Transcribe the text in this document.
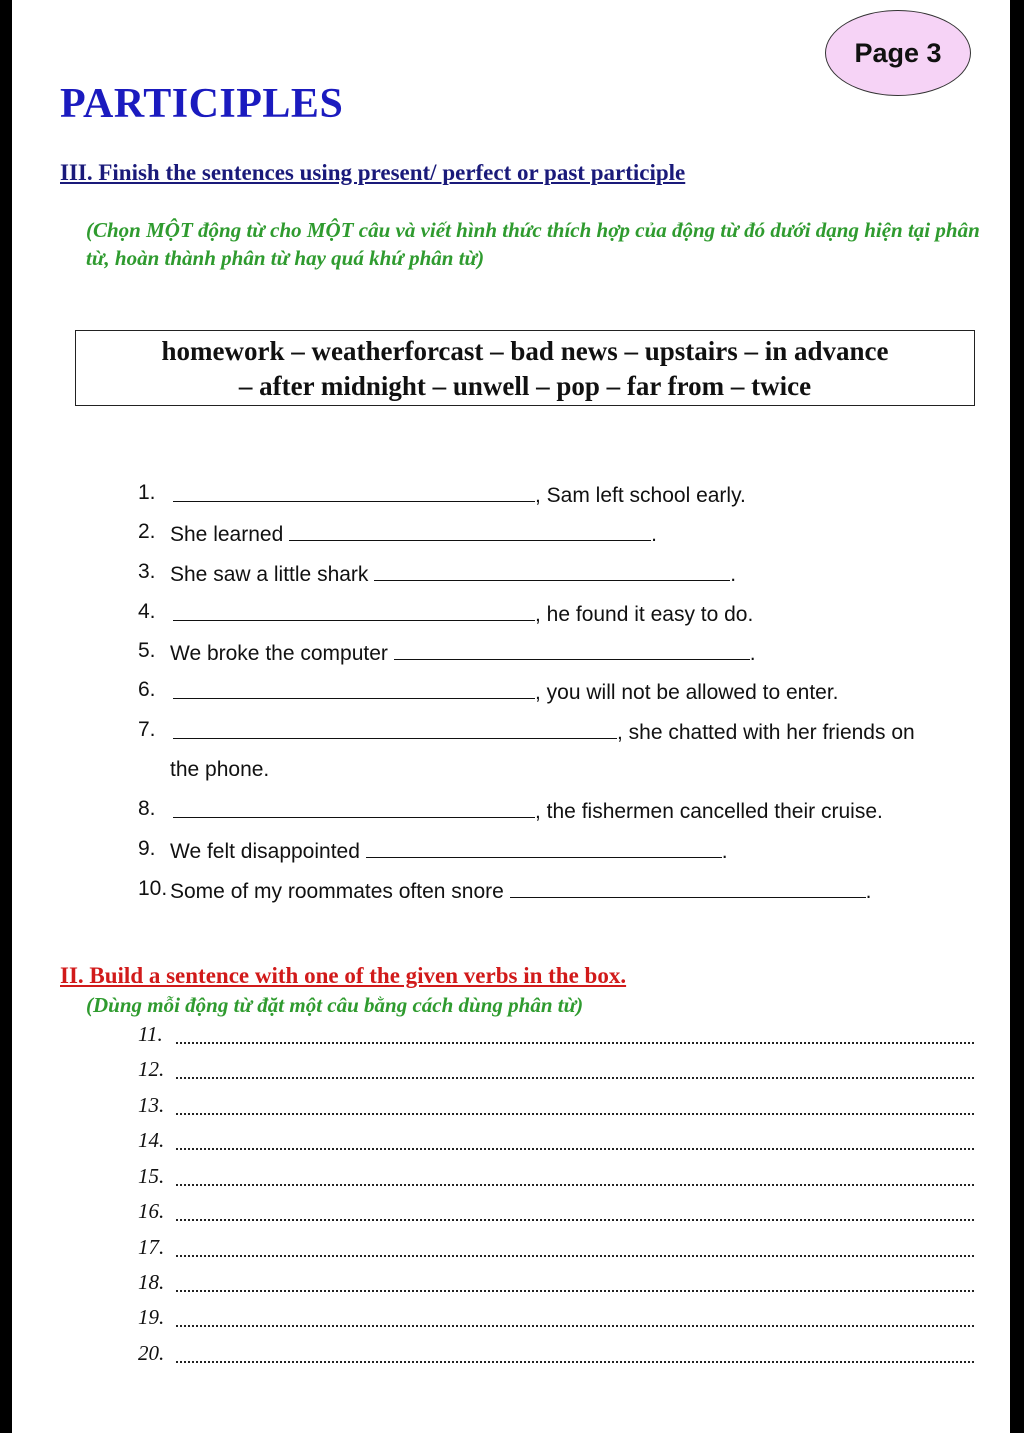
Page 3
PARTICIPLES
III. Finish the sentences using present/ perfect or past participle
(Chọn MỘT động từ cho MỘT câu và viết hình thức thích hợp của động từ đó dưới dạng hiện tại phân từ, hoàn thành phân từ hay quá khứ phân từ)
homework – weatherforcast – bad news – upstairs – in advance
– after midnight – unwell – pop – far from – twice
1.	, Sam left school early.
2. She learned	.
3. She saw a little shark	.
4.	, he found it easy to do.
5. We broke the computer	.
6.	, you will not be allowed to enter.
7.	, she chatted with her friends on
the phone.
8.	, the fishermen cancelled their cruise.
9. We felt disappointed	.
10. Some of my roommates often snore	.
II. Build a sentence with one of the given verbs in the box.
(Dùng mỗi động từ đặt một câu bằng cách dùng phân từ)
11.
12.
13.
14.
15.
16.
17.
18.
19.
20.
